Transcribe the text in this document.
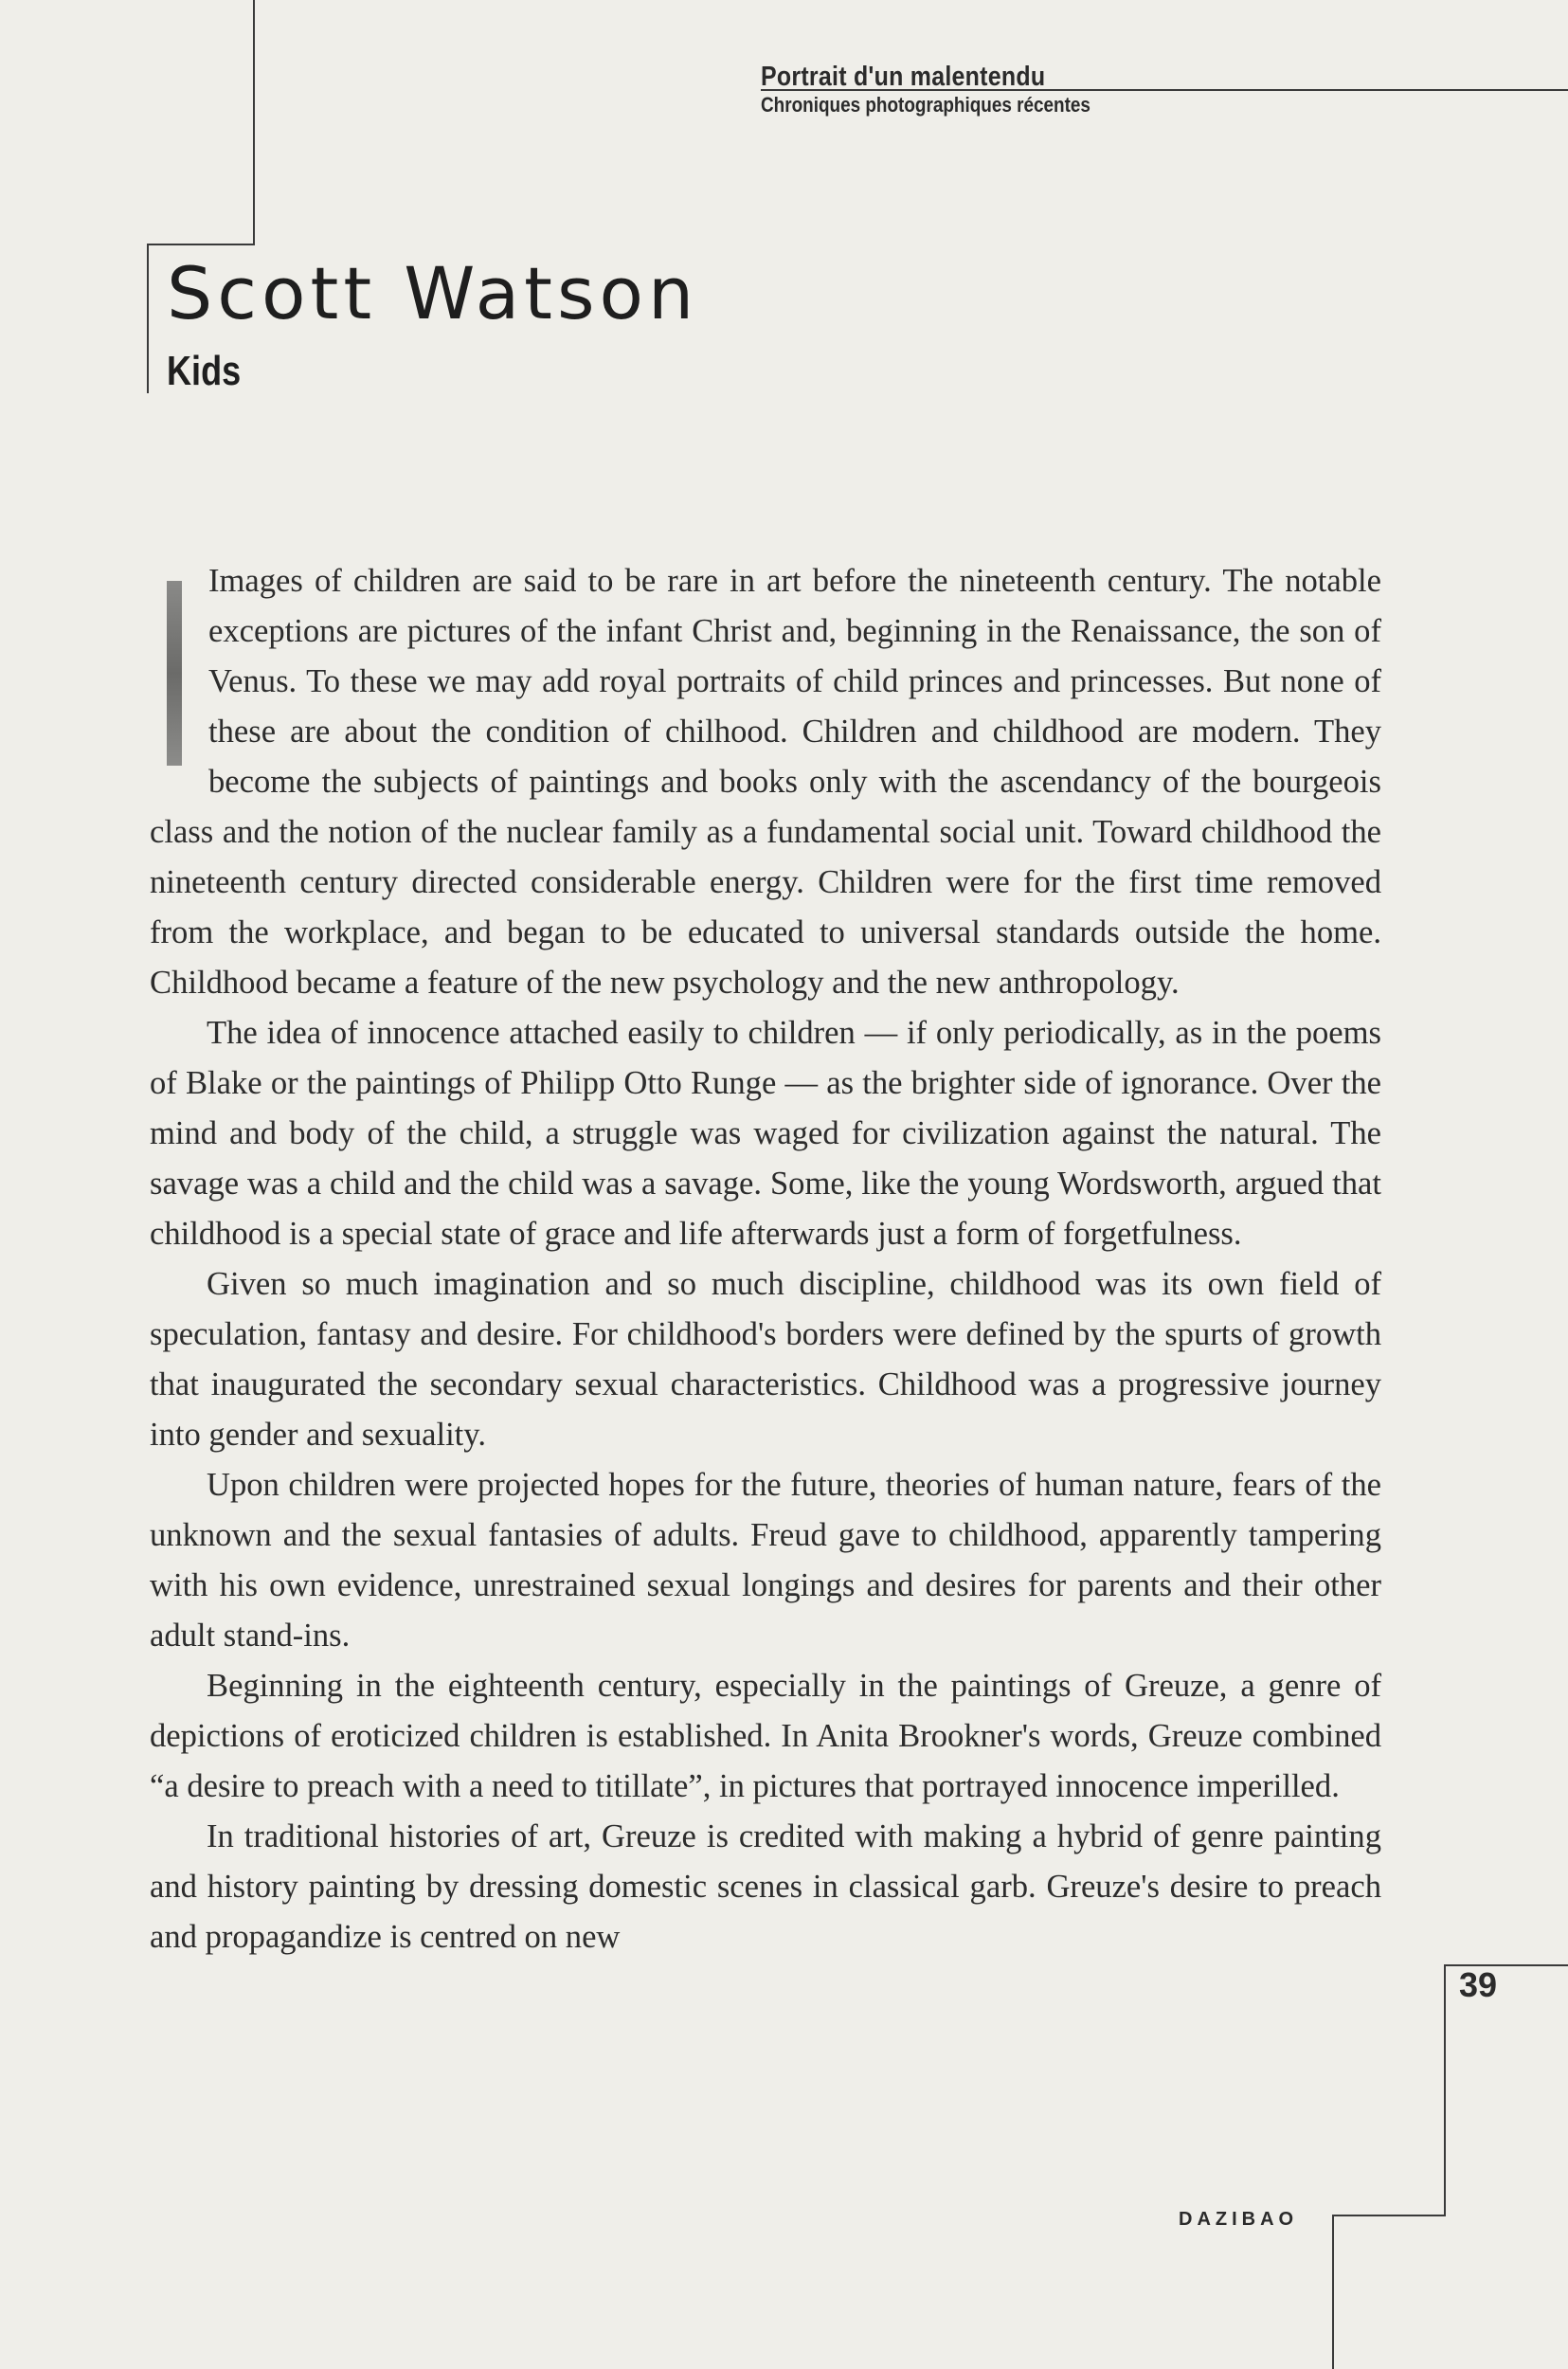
Portrait d'un malentendu
Chroniques photographiques récentes
Scott Watson
Kids

Images of children are said to be rare in art before the nineteenth century. The notable exceptions are pictures of the infant Christ and, beginning in the Renaissance, the son of Venus. To these we may add royal portraits of child princes and princesses. But none of these are about the condition of chilhood. Children and childhood are modern. They become the subjects of paintings and books only with the ascendancy of the bourgeois class and the notion of the nuclear family as a fundamental social unit. Toward childhood the nineteenth century directed considerable energy. Children were for the first time removed from the workplace, and began to be educated to universal standards outside the home. Childhood became a feature of the new psychology and the new anthropology.

The idea of innocence attached easily to children — if only periodically, as in the poems of Blake or the paintings of Philipp Otto Runge — as the brighter side of ignorance. Over the mind and body of the child, a struggle was waged for civilization against the natural. The savage was a child and the child was a savage. Some, like the young Wordsworth, argued that childhood is a special state of grace and life afterwards just a form of forgetfulness.

Given so much imagination and so much discipline, childhood was its own field of speculation, fantasy and desire. For childhood's borders were defined by the spurts of growth that inaugurated the secondary sexual characteristics. Childhood was a progressive journey into gender and sexuality.

Upon children were projected hopes for the future, theories of human nature, fears of the unknown and the sexual fantasies of adults. Freud gave to childhood, apparently tampering with his own evidence, unrestrained sexual longings and desires for parents and their other adult stand-ins.

Beginning in the eighteenth century, especially in the paintings of Greuze, a genre of depictions of eroticized children is established. In Anita Brookner's words, Greuze combined “a desire to preach with a need to titillate”, in pictures that portrayed innocence imperilled.

In traditional histories of art, Greuze is credited with making a hybrid of genre painting and history painting by dressing domestic scenes in classical garb. Greuze's desire to preach and propagandize is centred on new

39
DAZIBAO
